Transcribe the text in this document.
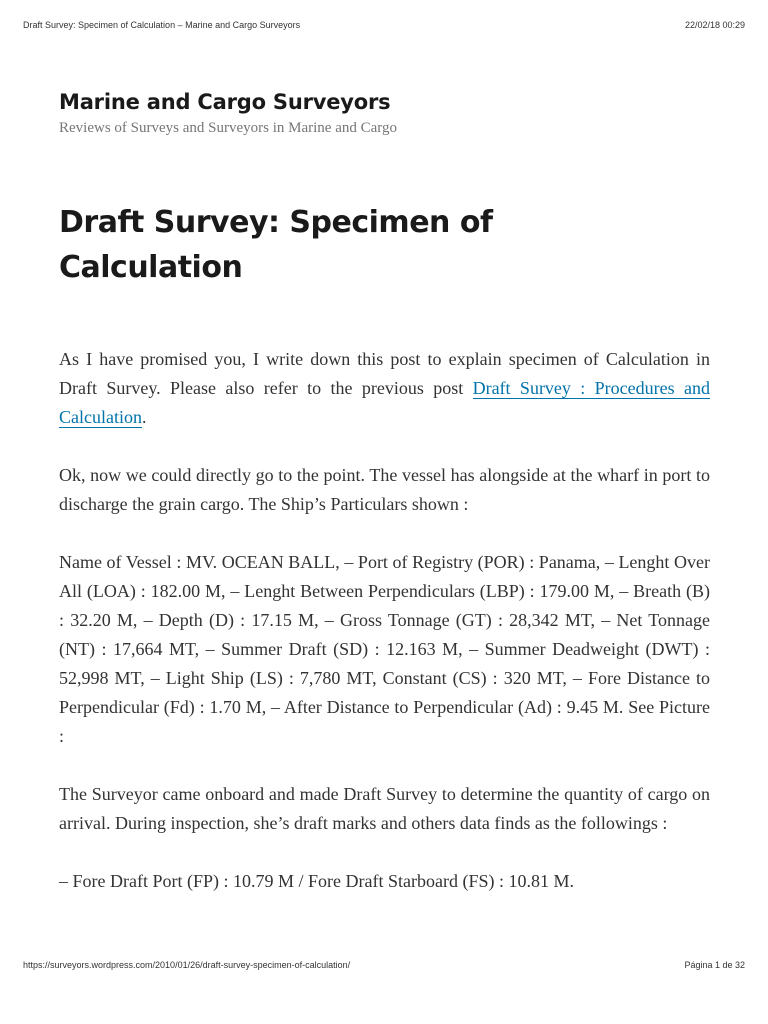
Draft Survey: Specimen of Calculation – Marine and Cargo Surveyors	22/02/18 00:29
Marine and Cargo Surveyors
Reviews of Surveys and Surveyors in Marine and Cargo
Draft Survey: Specimen of Calculation

As I have promised you, I write down this post to explain specimen of Calculation in Draft Survey. Please also refer to the previous post Draft Survey : Procedures and Calculation.

Ok, now we could directly go to the point. The vessel has alongside at the wharf in port to discharge the grain cargo. The Ship’s Particulars shown :

Name of Vessel : MV. OCEAN BALL, – Port of Registry (POR) : Panama, – Lenght Over All (LOA) : 182.00 M, – Lenght Between Perpendiculars (LBP) : 179.00 M, – Breath (B) : 32.20 M, – Depth (D) : 17.15 M, – Gross Tonnage (GT) : 28,342 MT, – Net Tonnage (NT) : 17,664 MT, – Summer Draft (SD) : 12.163 M, – Summer Deadweight (DWT) : 52,998 MT, – Light Ship (LS) : 7,780 MT, Constant (CS) : 320 MT, – Fore Distance to Perpendicular (Fd) : 1.70 M, – After Distance to Perpendicular (Ad) : 9.45 M. See Picture :

The Surveyor came onboard and made Draft Survey to determine the quantity of cargo on arrival. During inspection, she’s draft marks and others data finds as the followings :

– Fore Draft Port (FP) : 10.79 M / Fore Draft Starboard (FS) : 10.81 M.

https://surveyors.wordpress.com/2010/01/26/draft-survey-specimen-of-calculation/	Página 1 de 32
